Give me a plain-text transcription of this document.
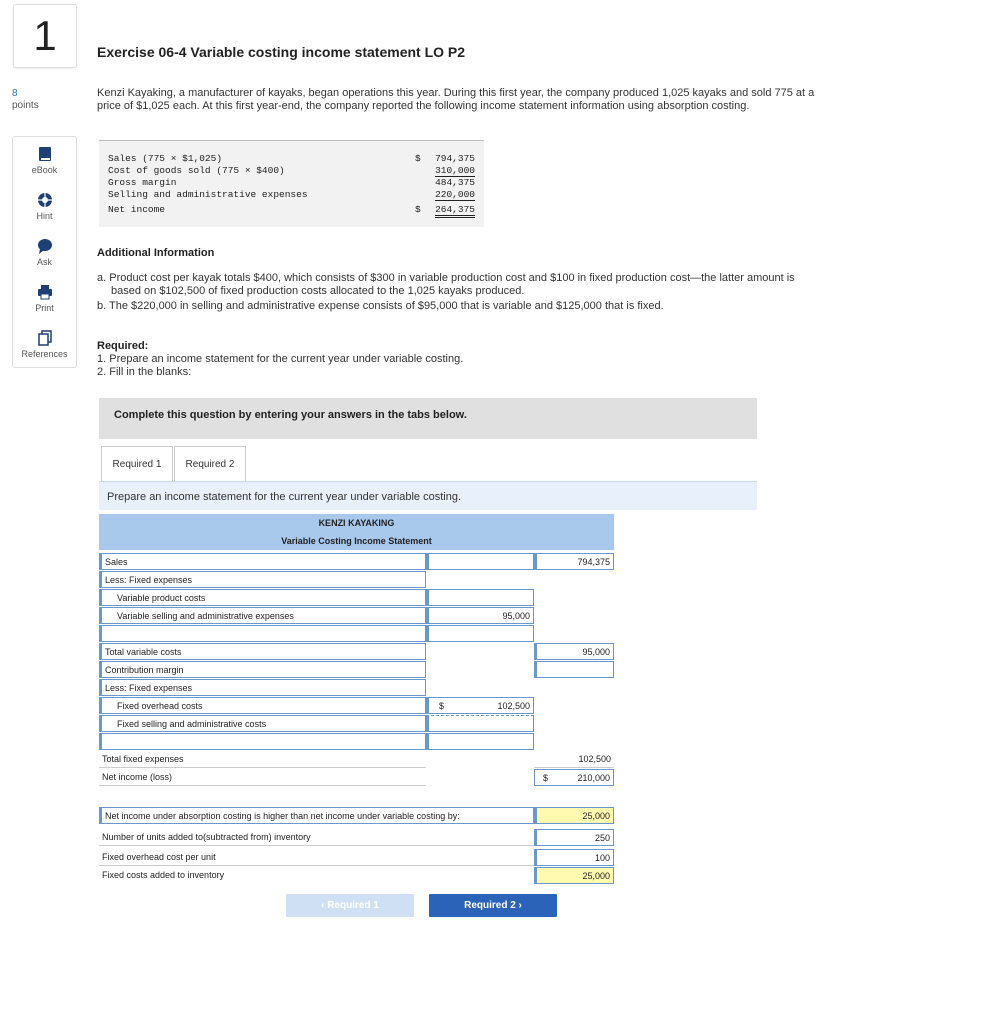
1
8
points
eBook
Hint
Ask
Print
References
Exercise 06-4 Variable costing income statement LO P2
Kenzi Kayaking, a manufacturer of kayaks, began operations this year. During this first year, the company produced 1,025 kayaks and sold 775 at a price of $1,025 each. At this first year-end, the company reported the following income statement information using absorption costing.
Sales (775 × $1,025)	$ 794,375
Cost of goods sold (775 × $400)	310,000
Gross margin	484,375
Selling and administrative expenses	220,000
Net income	$ 264,375
Additional Information

a. Product cost per kayak totals $400, which consists of $300 in variable production cost and $100 in fixed production cost—the latter amount is based on $102,500 of fixed production costs allocated to the 1,025 kayaks produced.

b. The $220,000 in selling and administrative expense consists of $95,000 that is variable and $125,000 that is fixed.

Required:
1. Prepare an income statement for the current year under variable costing.
2. Fill in the blanks:
Complete this question by entering your answers in the tabs below.
Required 1	Required 2
Prepare an income statement for the current year under variable costing.
KENZI KAYAKING
Variable Costing Income Statement
Sales	794,375
Less: Fixed expenses
Variable product costs
Variable selling and administrative expenses	95,000
Total variable costs	95,000
Contribution margin
Less: Fixed expenses
Fixed overhead costs	$	102,500
Fixed selling and administrative costs
Total fixed expenses	102,500
Net income (loss)	$	210,000
Net income under absorption costing is higher than net income under variable costing by:	25,000
Number of units added to(subtracted from) inventory	250
Fixed overhead cost per unit	100
Fixed costs added to inventory	25,000
‹ Required 1	Required 2 ›
